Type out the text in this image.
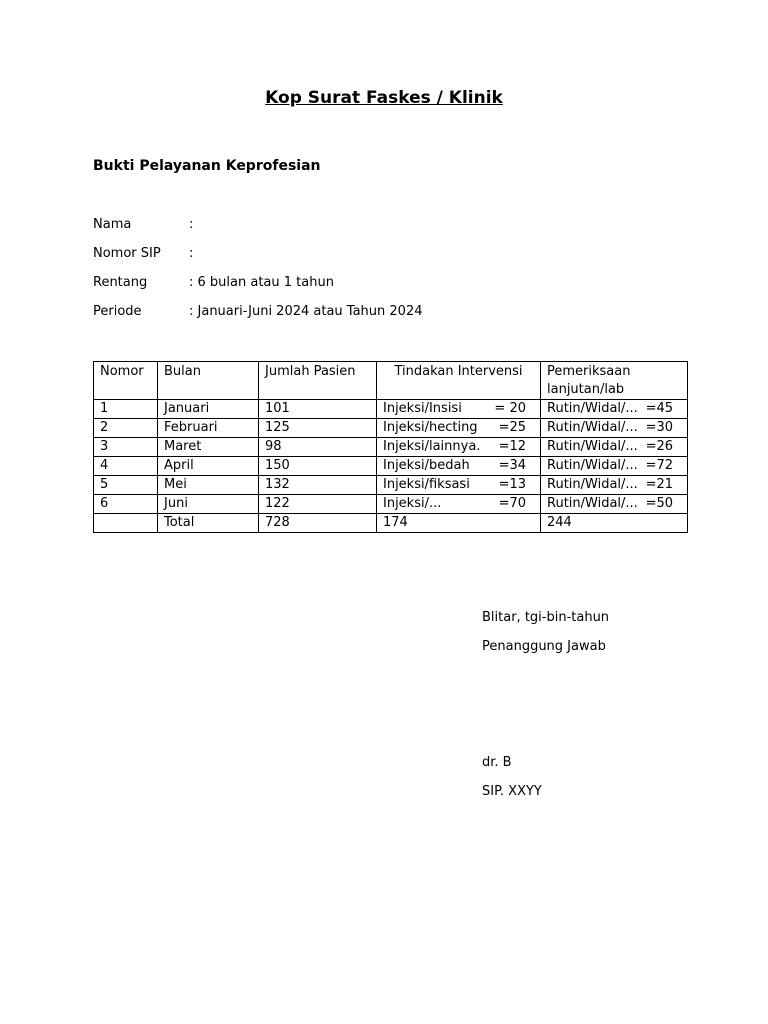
Kop Surat Faskes / Klinik
Bukti Pelayanan Keprofesian
Nama	:
Nomor SIP :
Rentang	: 6 bulan atau 1 tahun
Periode	: Januari-Juni 2024 atau Tahun 2024
Nomor	Bulan	Jumlah Pasien	Tindakan Intervensi	Pemeriksaan
lanjutan/lab

1	Januari	101	Injeksi/Insisi = 20	Rutin/Widal/... =45

2	Februari	125	Injeksi/hecting =25	Rutin/Widal/... =30

3	Maret	98	Injeksi/lainnya. =12	Rutin/Widal/... =26

4	April	150	Injeksi/bedah =34	Rutin/Widal/... =72

5	Mei	132	Injeksi/fiksasi =13	Rutin/Widal/... =21

6	Juni	122	Injeksi/... =70	Rutin/Widal/... =50

	Total	728	174	244
Blitar, tgi-bin-tahun
Penanggung Jawab
dr. B
SIP. XXYY
